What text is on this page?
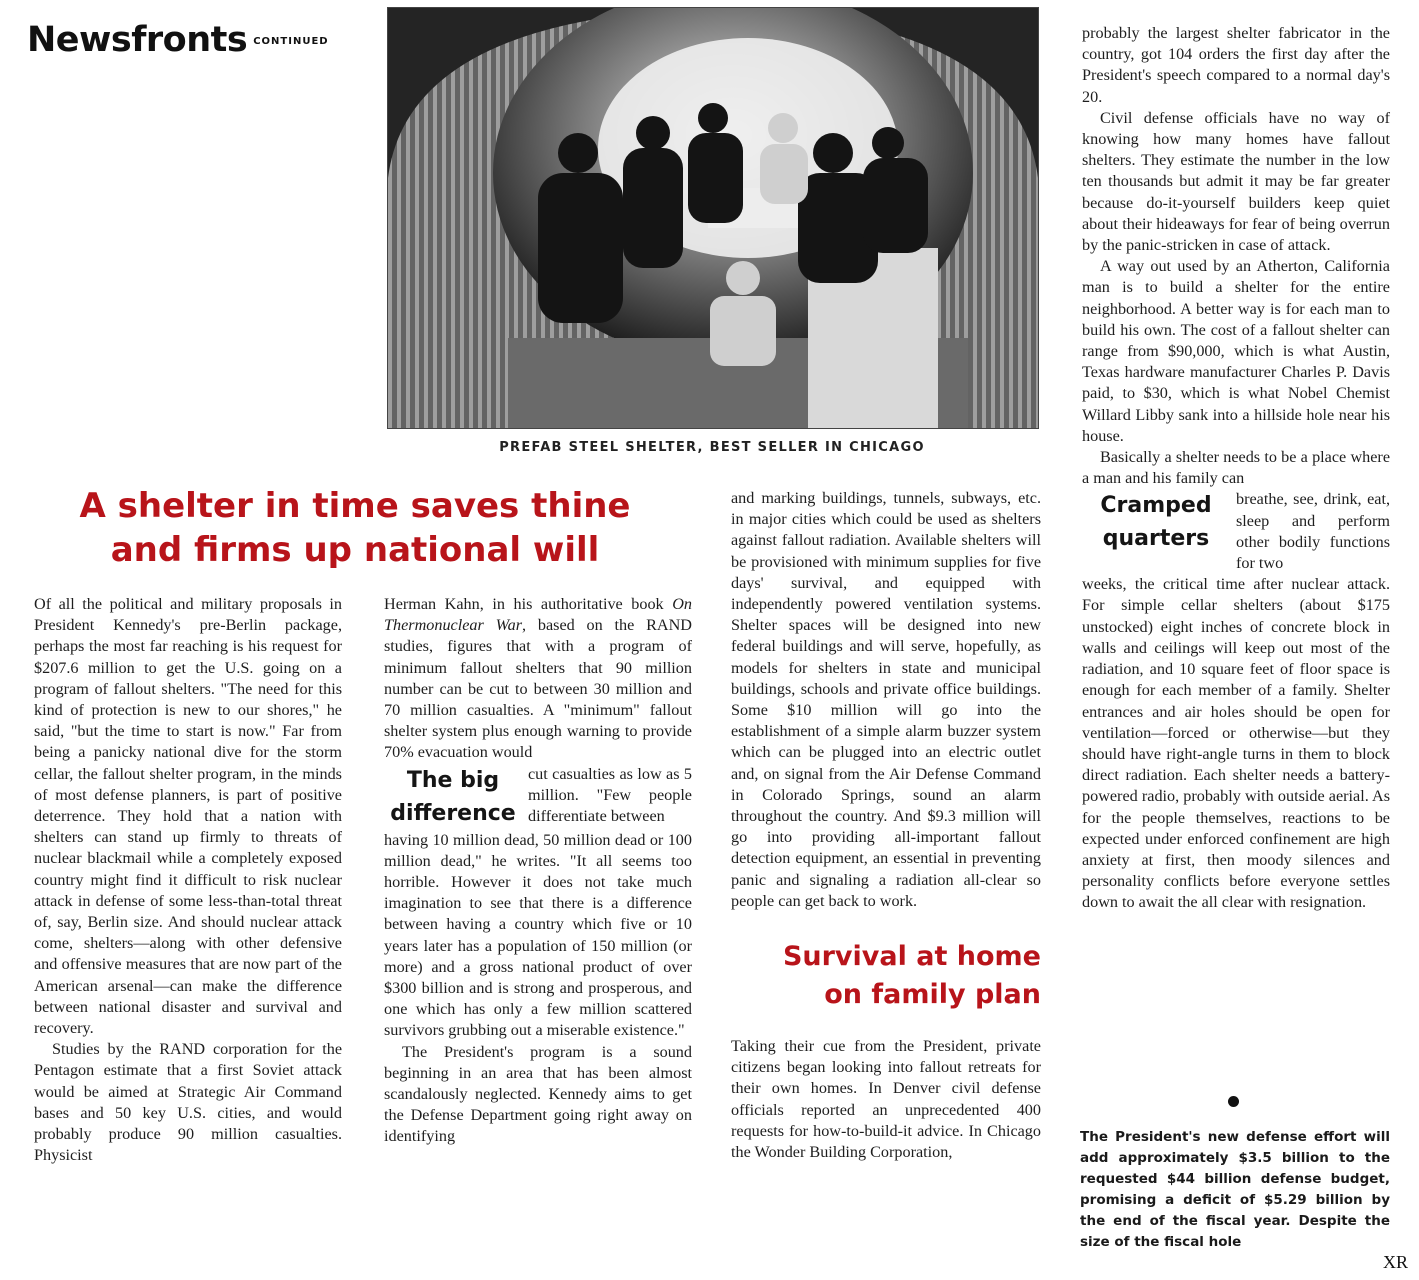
Newsfronts CONTINUED
PREFAB STEEL SHELTER, BEST SELLER IN CHICAGO
A shelter in time saves thine
and firms up national will

Of all the political and military proposals in President Kennedy's pre-Berlin package, perhaps the most far reaching is his request for $207.6 million to get the U.S. going on a program of fallout shelters. "The need for this kind of protection is new to our shores," he said, "but the time to start is now." Far from being a panicky national dive for the storm cellar, the fallout shelter program, in the minds of most defense planners, is part of positive deterrence. They hold that a nation with shelters can stand up firmly to threats of nuclear blackmail while a completely exposed country might find it difficult to risk nuclear attack in defense of some less-than-total threat of, say, Berlin size. And should nuclear attack come, shelters—along with other defensive and offensive measures that are now part of the American arsenal—can make the difference between national disaster and survival and recovery.

Studies by the RAND corporation for the Pentagon estimate that a first Soviet attack would be aimed at Strategic Air Command bases and 50 key U.S. cities, and would probably produce 90 million casualties. Physicist

Herman Kahn, in his authoritative book On Thermonuclear War, based on the RAND studies, figures that with a program of minimum fallout shelters that 90 million number can be cut to between 30 million and 70 million casualties. A "minimum" fallout shelter system plus enough warning to provide 70% evacuation would

The big
difference

cut casualties as low as 5 million. "Few people differentiate between

having 10 million dead, 50 million dead or 100 million dead," he writes. "It all seems too horrible. However it does not take much imagination to see that there is a difference between having a country which five or 10 years later has a population of 150 million (or more) and a gross national product of over $300 billion and is strong and prosperous, and one which has only a few million scattered survivors grubbing out a miserable existence."

The President's program is a sound beginning in an area that has been almost scandalously neglected. Kennedy aims to get the Defense Department going right away on identifying

and marking buildings, tunnels, subways, etc. in major cities which could be used as shelters against fallout radiation. Available shelters will be provisioned with minimum supplies for five days' survival, and equipped with independently powered ventilation systems. Shelter spaces will be designed into new federal buildings and will serve, hopefully, as models for shelters in state and municipal buildings, schools and private office buildings. Some $10 million will go into the establishment of a simple alarm buzzer system which can be plugged into an electric outlet and, on signal from the Air Defense Command in Colorado Springs, sound an alarm throughout the country. And $9.3 million will go into providing all-important fallout detection equipment, an essential in preventing panic and signaling a radiation all-clear so people can get back to work.

Survival at home
on family plan

Taking their cue from the President, private citizens began looking into fallout retreats for their own homes. In Denver civil defense officials reported an unprecedented 400 requests for how-to-build-it advice. In Chicago the Wonder Building Corporation,

probably the largest shelter fabricator in the country, got 104 orders the first day after the President's speech compared to a normal day's 20.

Civil defense officials have no way of knowing how many homes have fallout shelters. They estimate the number in the low ten thousands but admit it may be far greater because do-it-yourself builders keep quiet about their hideaways for fear of being overrun by the panic-stricken in case of attack.

A way out used by an Atherton, California man is to build a shelter for the entire neighborhood. A better way is for each man to build his own. The cost of a fallout shelter can range from $90,000, which is what Austin, Texas hardware manufacturer Charles P. Davis paid, to $30, which is what Nobel Chemist Willard Libby sank into a hillside hole near his house.

Basically a shelter needs to be a place where a man and his family can

Cramped
quarters

breathe, see, drink, eat, sleep and perform other bodily functions for two

weeks, the critical time after nuclear attack. For simple cellar shelters (about $175 unstocked) eight inches of concrete block in walls and ceilings will keep out most of the radiation, and 10 square feet of floor space is enough for each member of a family. Shelter entrances and air holes should be open for ventilation—forced or otherwise—but they should have right-angle turns in them to block direct radiation. Each shelter needs a battery-powered radio, probably with outside aerial. As for the people themselves, reactions to be expected under enforced confinement are high anxiety at first, then moody silences and personality conflicts before everyone settles down to await the all clear with resignation.

The President's new defense effort will add approximately $3.5 billion to the requested $44 billion defense budget, promising a deficit of $5.29 billion by the end of the fiscal year. Despite the size of the fiscal hole
XR
